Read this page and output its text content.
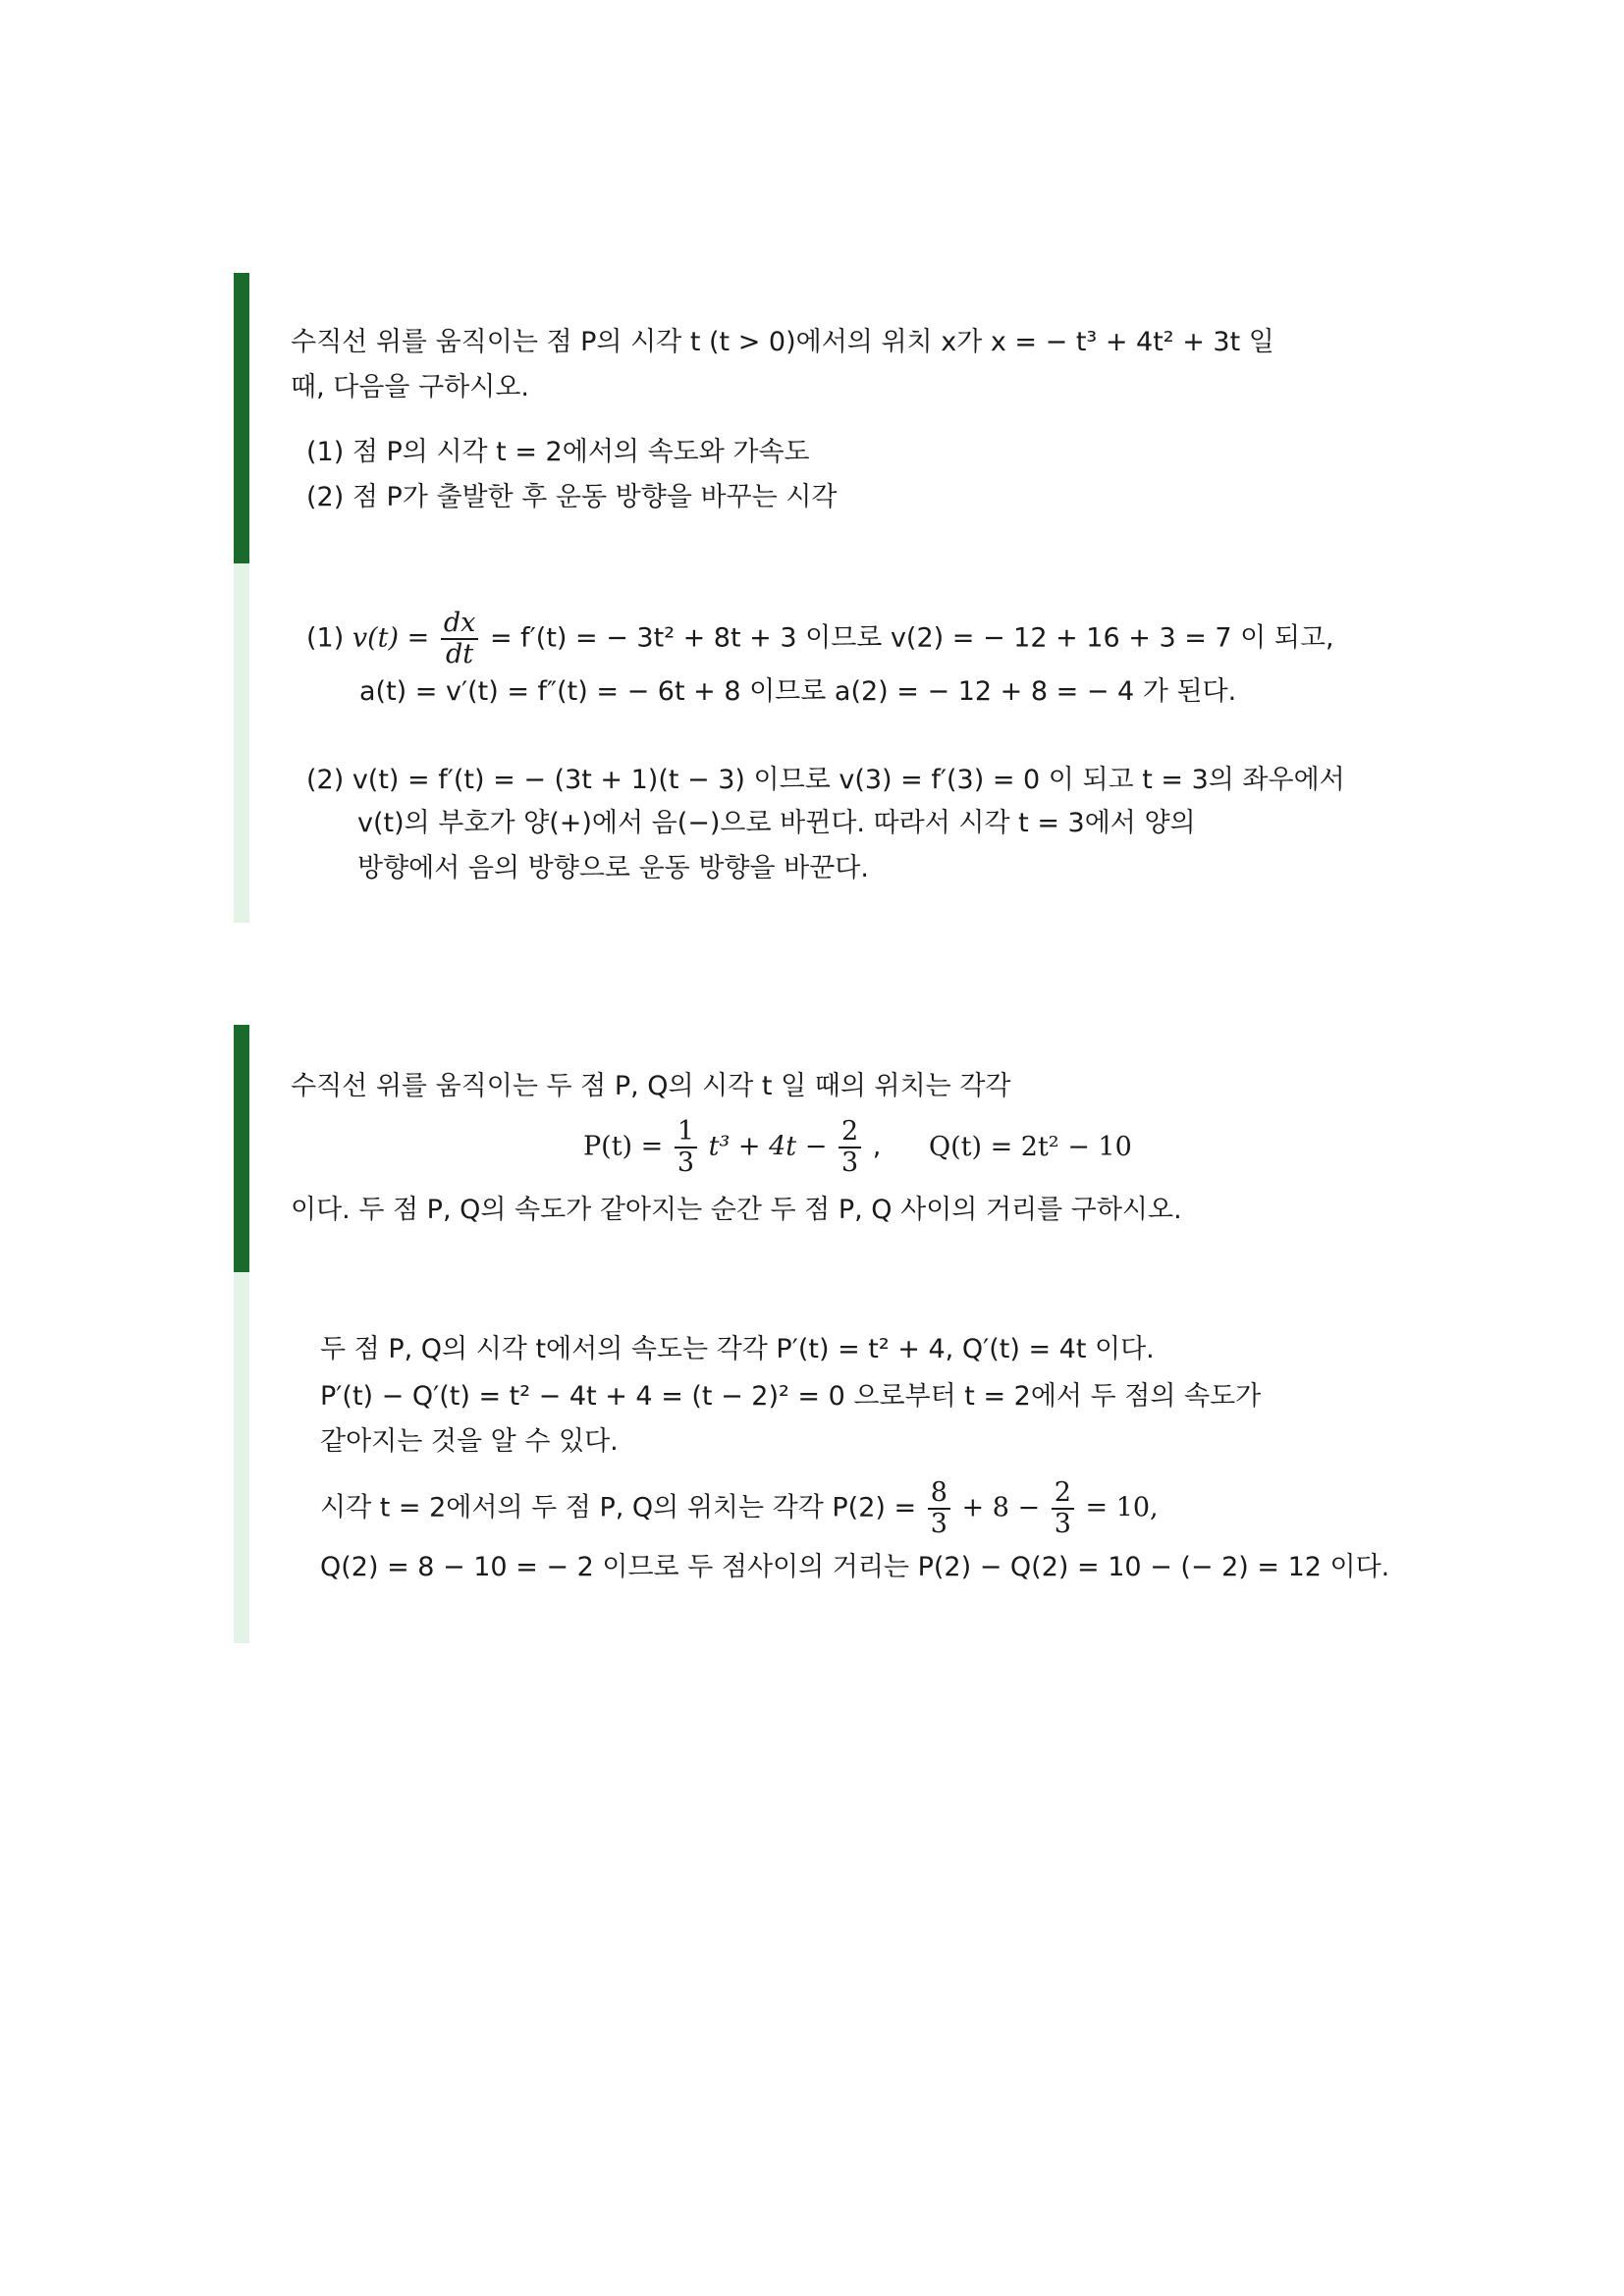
수직선 위를 움직이는 점 P의 시각 t (t > 0)에서의 위치 x가 x = − t³ + 4t² + 3t 일
때, 다음을 구하시오.
(1) 점 P의 시각 t = 2에서의 속도와 가속도
(2) 점 P가 출발한 후 운동 방향을 바꾸는 시각
(1) $v(t) = \frac{dx}{dt} = f'(t)$ = − 3t² + 8t + 3 이므로 v(2) = − 12 + 16 + 3 = 7 이 되고,
a(t) = v′(t) = f″(t) = − 6t + 8 이므로 a(2) = − 12 + 8 = − 4 가 된다.
(2) v(t) = f′(t) = − (3t + 1)(t − 3) 이므로 v(3) = f′(3) = 0 이 되고 t = 3의 좌우에서
v(t)의 부호가 양(+)에서 음(−)으로 바뀐다. 따라서 시각 t = 3에서 양의
방향에서 음의 방향으로 운동 방향을 바꾼다.
수직선 위를 움직이는 두 점 P, Q의 시각 t 일 때의 위치는 각각
$P(t) = \frac{1}{3} t^3 + 4t - \frac{2}{3}$ , Q(t) = 2t² − 10
이다. 두 점 P, Q의 속도가 같아지는 순간 두 점 P, Q 사이의 거리를 구하시오.
두 점 P, Q의 시각 t에서의 속도는 각각 P′(t) = t² + 4, Q′(t) = 4t 이다.
P′(t) − Q′(t) = t² − 4t + 4 = (t − 2)² = 0 으로부터 t = 2에서 두 점의 속도가
같아지는 것을 알 수 있다.
시각 t = 2에서의 두 점 P, Q의 위치는 각각 $P(2) = \frac{8}{3} + 8 - \frac{2}{3} = 10$,
Q(2) = 8 − 10 = − 2 이므로 두 점사이의 거리는 P(2) − Q(2) = 10 − (− 2) = 12 이다.
